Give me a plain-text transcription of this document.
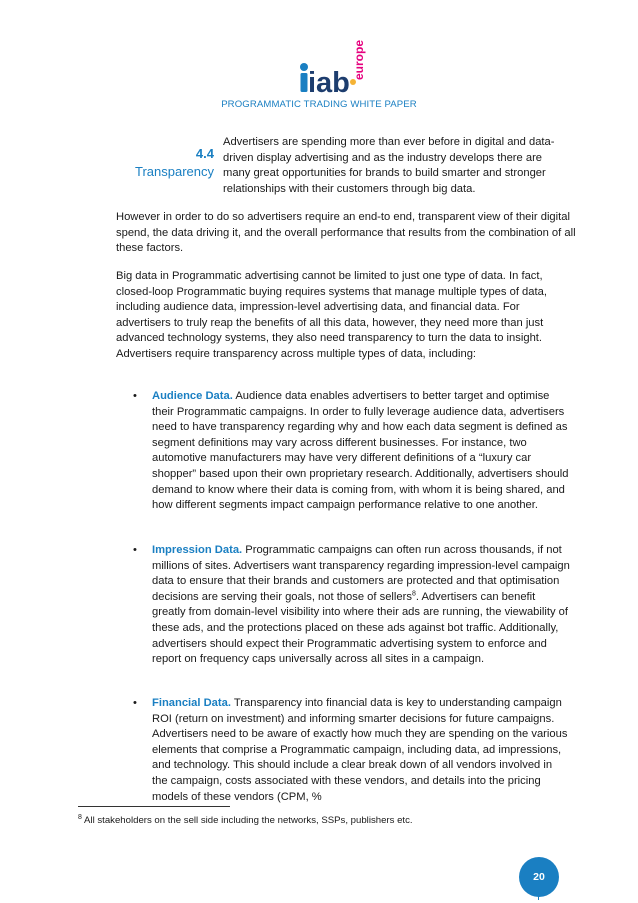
iab
europe
PROGRAMMATIC TRADING WHITE PAPER
4.4
Transparency
Advertisers are spending more than ever before in digital and data-driven display advertising and as the industry develops there are many great opportunities for brands to build smarter and stronger relationships with their customers through big data.
However in order to do so advertisers require an end-to end, transparent view of their digital spend, the data driving it, and the overall performance that results from the combination of all these factors.
Big data in Programmatic advertising cannot be limited to just one type of data. In fact, closed-loop Programmatic buying requires systems that manage multiple types of data, including audience data, impression-level advertising data, and financial data. For advertisers to truly reap the benefits of all this data, however, they need more than just advanced technology systems, they also need transparency to turn the data to insight. Advertisers require transparency across multiple types of data, including:
• Audience Data. Audience data enables advertisers to better target and optimise their Programmatic campaigns. In order to fully leverage audience data, advertisers need to have transparency regarding why and how each data segment is defined as segment definitions may vary across different businesses. For instance, two automotive manufacturers may have very different definitions of a “luxury car shopper” based upon their own proprietary research. Additionally, advertisers should demand to know where their data is coming from, with whom it is being shared, and how different segments impact campaign performance relative to one another.
• Impression Data. Programmatic campaigns can often run across thousands, if not millions of sites. Advertisers want transparency regarding impression-level campaign data to ensure that their brands and customers are protected and that optimisation decisions are serving their goals, not those of sellers$^8$. Advertisers can benefit greatly from domain-level visibility into where their ads are running, the viewability of these ads, and the protections placed on these ads against bot traffic. Additionally, advertisers should expect their Programmatic advertising system to enforce and report on frequency caps universally across all sites in a campaign.
• Financial Data. Transparency into financial data is key to understanding campaign ROI (return on investment) and informing smarter decisions for future campaigns. Advertisers need to be aware of exactly how much they are spending on the various elements that comprise a Programmatic campaign, including data, ad impressions, and technology. This should include a clear break down of all vendors involved in the campaign, costs associated with these vendors, and details into the pricing models of these vendors (CPM, %
$^8$ All stakeholders on the sell side including the networks, SSPs, publishers etc.
20
